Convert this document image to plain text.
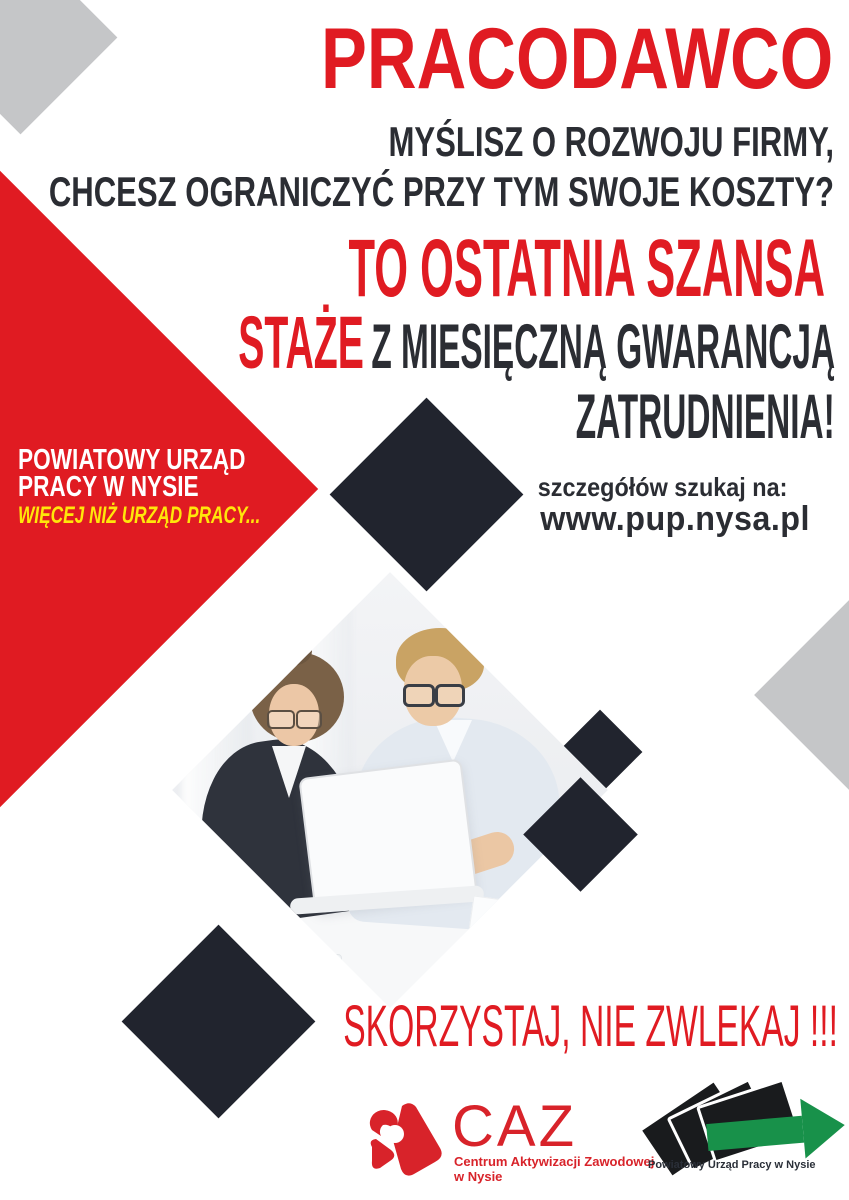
POWIATOWY URZĄD
PRACY W NYSIE
WIĘCEJ NIŻ URZĄD PRACY...
PRACODAWCO
MYŚLISZ O ROZWOJU FIRMY,
CHCESZ OGRANICZYĆ PRZY TYM SWOJE KOSZTY?
TO OSTATNIA SZANSA
STAŻE Z MIESIĘCZNĄ GWARANCJĄ
ZATRUDNIENIA!
szczegółów szukaj na:
www.pup.nysa.pl
SKORZYSTAJ, NIE ZWLEKAJ !!!
CAZ
Centrum Aktywizacji Zawodowej
w Nysie
Powiatowy Urząd Pracy w Nysie
